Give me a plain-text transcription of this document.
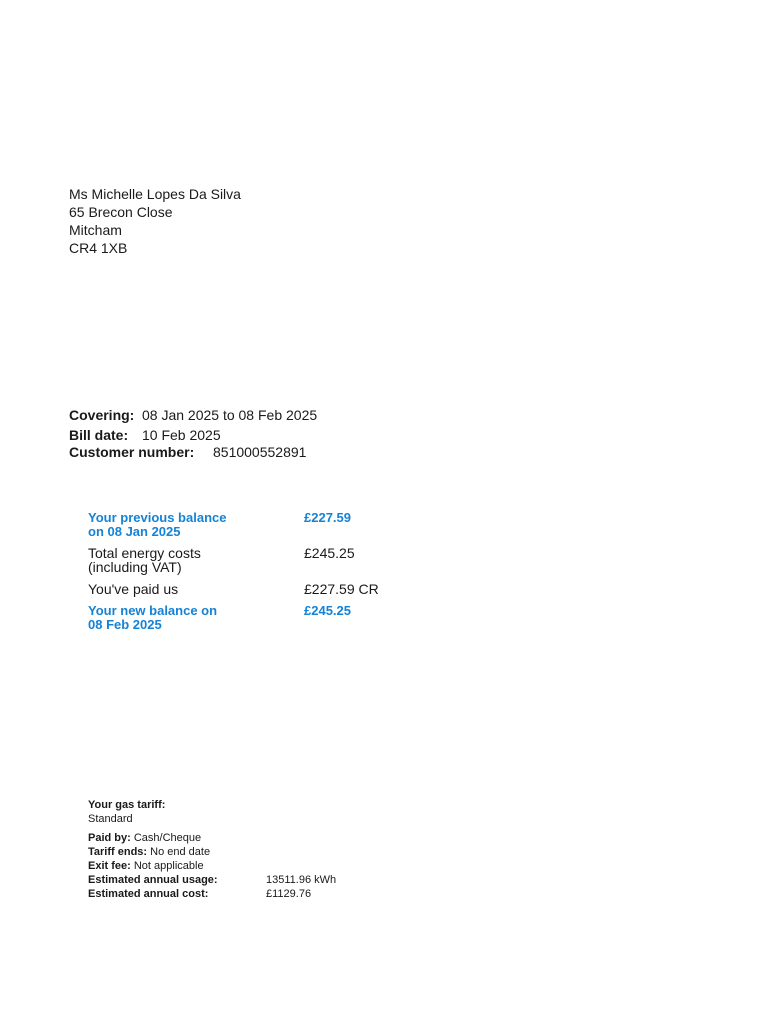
Ms Michelle Lopes Da Silva
65 Brecon Close
Mitcham
CR4 1XB
Covering: 08 Jan 2025 to 08 Feb 2025
Bill date: 10 Feb 2025
Customer number: 851000552891
Your previous balance
on 08 Jan 2025
£227.59
Total energy costs
(including VAT)
£245.25
You've paid us	£227.59 CR
Your new balance on
08 Feb 2025
£245.25
Your gas tariff:
Standard
Paid by: Cash/Cheque
Tariff ends: No end date
Exit fee: Not applicable
Estimated annual usage:	13511.96 kWh
Estimated annual cost:	£1129.76
